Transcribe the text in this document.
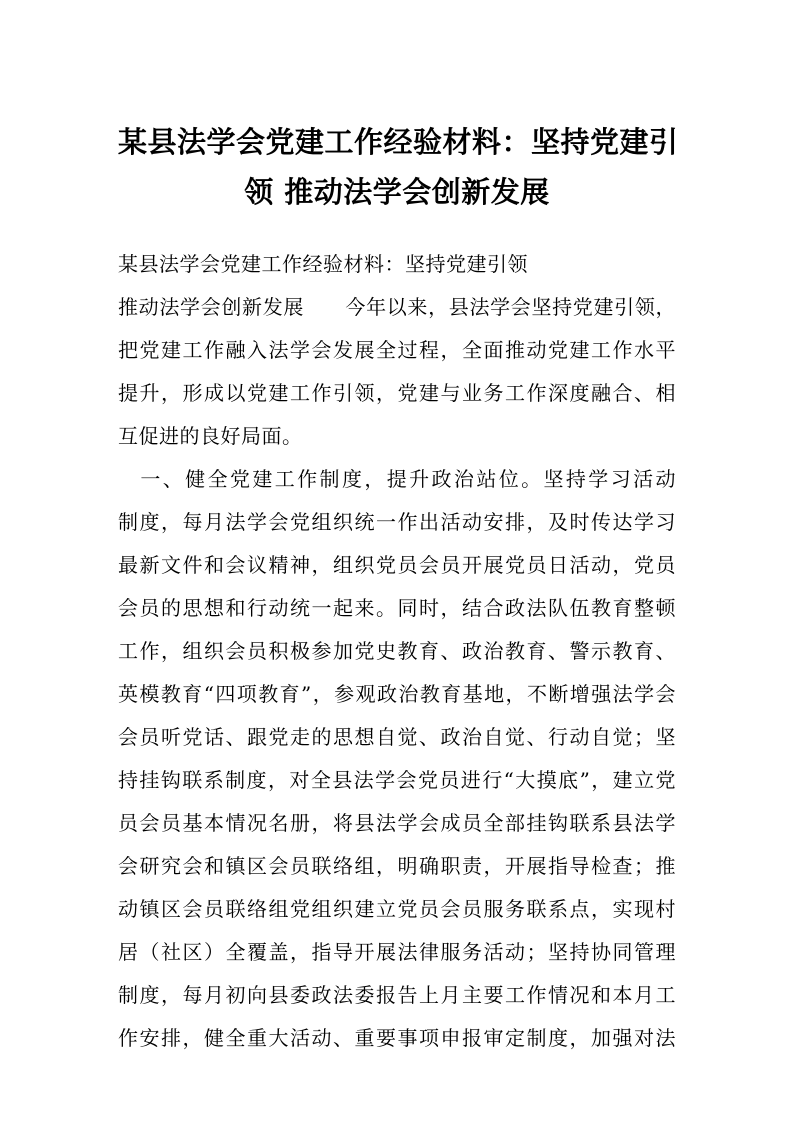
某县法学会党建工作经验材料：坚持党建引
领 推动法学会创新发展
某县法学会党建工作经验材料：坚持党建引领
推动法学会创新发展　　今年以来，县法学会坚持党建引领，
把党建工作融入法学会发展全过程，全面推动党建工作水平
提升，形成以党建工作引领，党建与业务工作深度融合、相
互促进的良好局面。
　一、健全党建工作制度，提升政治站位。坚持学习活动
制度，每月法学会党组织统一作出活动安排，及时传达学习
最新文件和会议精神，组织党员会员开展党员日活动，党员
会员的思想和行动统一起来。同时，结合政法队伍教育整顿
工作，组织会员积极参加党史教育、政治教育、警示教育、
英模教育“四项教育”，参观政治教育基地，不断增强法学会
会员听党话、跟党走的思想自觉、政治自觉、行动自觉；坚
持挂钩联系制度，对全县法学会党员进行“大摸底”，建立党
员会员基本情况名册，将县法学会成员全部挂钩联系县法学
会研究会和镇区会员联络组，明确职责，开展指导检查；推
动镇区会员联络组党组织建立党员会员服务联系点，实现村
居（社区）全覆盖，指导开展法律服务活动；坚持协同管理
制度，每月初向县委政法委报告上月主要工作情况和本月工
作安排，健全重大活动、重要事项申报审定制度，加强对法
